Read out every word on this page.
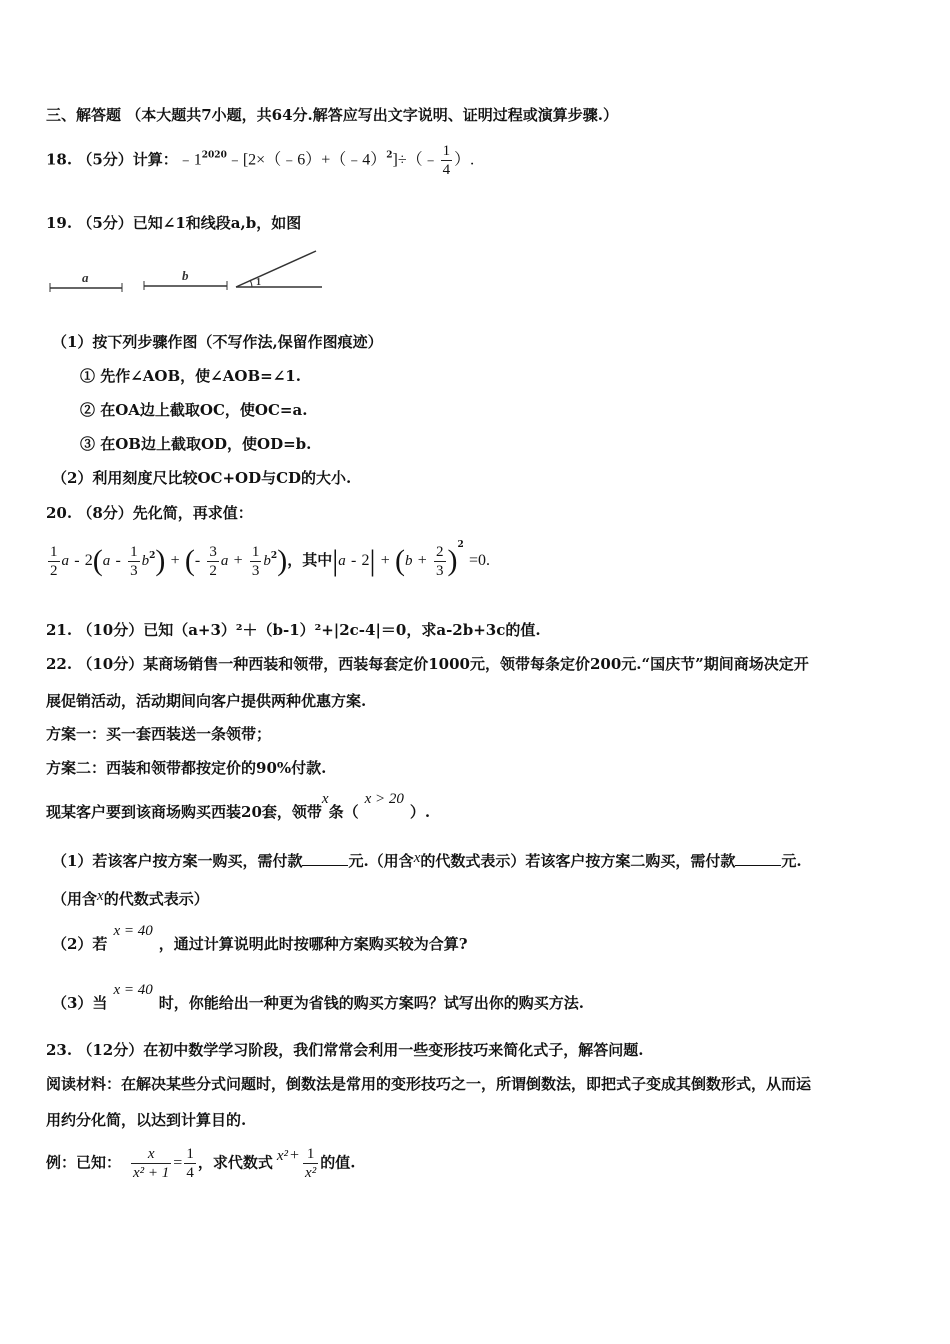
三、解答题 （本大题共7小题，共64分.解答应写出文字说明、证明过程或演算步骤.）
18. （5分）计算：$﹣1^{2020}﹣[2\times(﹣6)+(﹣4)^2]\div(﹣ \frac{1}{4}$ ）.
19. （5分）已知∠1和线段a,b，如图
a	b	1
（1）按下列步骤作图（不写作法,保留作图痕迹）
① 先作∠AOB，使∠AOB=∠1.
② 在OA边上截取OC，使OC=a.
③ 在OB边上截取OD，使OD=b.
（2）利用刻度尺比较OC+OD与CD的大小.
20. （8分）先化简，再求值：
$\frac{1}{2}$ a - $2(a - \frac{1}{3} b^2)$ + (- $\frac{3}{2}$ $a + \frac{1}{3} b^2$)，其中$|a - 2| + (b + \frac{2}{3} )^2 =0$.
21. （10分）已知（a+3）²＋（b-1）²+|2c-4|＝0，求a-2b+3c的值.
22. （10分）某商场销售一种西装和领带，西装每套定价1000元，领带每条定价200元.“国庆节”期间商场决定开
展促销活动，活动期间向客户提供两种优惠方案.
方案一：买一套西装送一条领带；
方案二：西装和领带都按定价的90%付款.
现某客户要到该商场购买西装20套，领带x条（x > 20）.
（1）若该客户按方案一购买，需付款	元.（用含x的代数式表示）若该客户按方案二购买，需付款	元.
（用含x的代数式表示）
（2）若x = 40，通过计算说明此时按哪种方案购买较为合算?
（3）当x = 40时，你能给出一种更为省钱的购买方案吗？试写出你的购买方法.
23. （12分）在初中数学学习阶段，我们常常会利用一些变形技巧来简化式子，解答问题.
阅读材料：在解决某些分式问题时，倒数法是常用的变形技巧之一，所谓倒数法，即把式子变成其倒数形式，从而运
用约分化简，以达到计算目的.
例：已知： $\frac{x}{\text{x² + 1}} = \frac{1}{4}$ ，求代数式 $x^2 + \frac{1}{\text{x²}}$ 的值.
